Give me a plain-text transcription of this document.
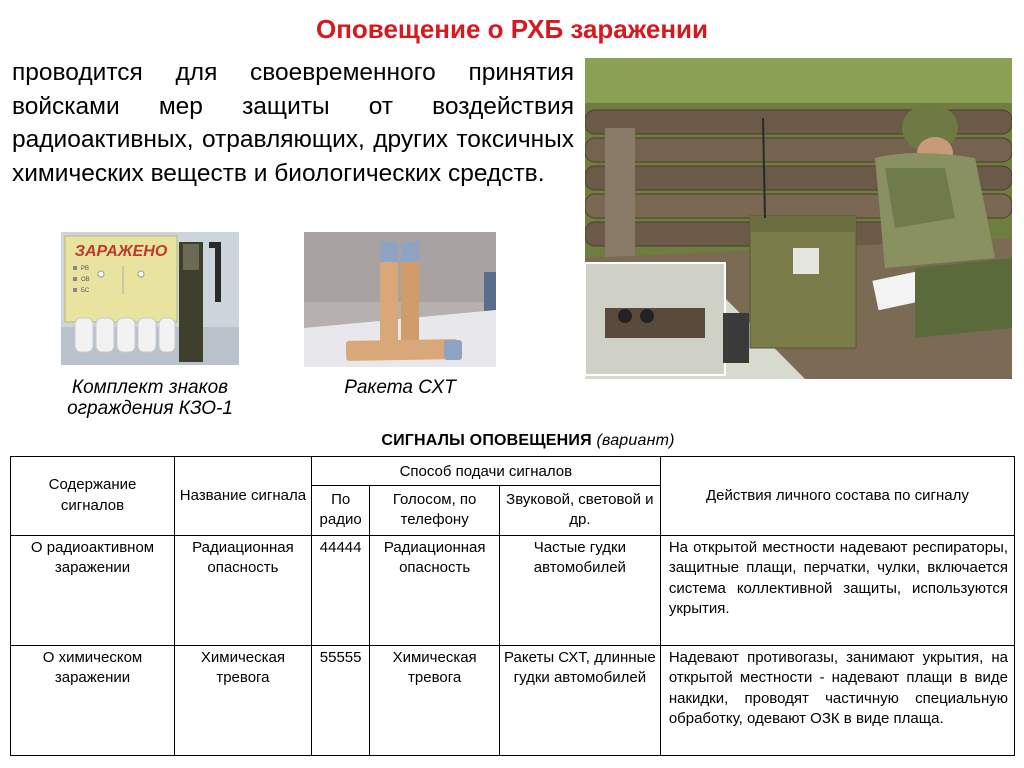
Оповещение о РХБ заражении
проводится для своевременного принятия войсками мер защиты от воздействия радиоактивных, отравляющих, других токсичных химических веществ и биологических средств.
ЗАРАЖЕНО
РВ
ОВ
БС
Комплект знаков
ограждения КЗО-1
Ракета СХТ
СИГНАЛЫ ОПОВЕЩЕНИЯ (вариант)
Содержание сигналов	Название сигнала	Способ подачи сигналов			Действия личного состава по сигналу
		По радио	Голосом, по телефону	Звуковой, световой и др.	
О радиоактивном заражении	Радиационная опасность	44444	Радиационная опасность	Частые гудки автомобилей	На открытой местности надевают респираторы, защитные плащи, перчатки, чулки, включается система коллективной защиты, используются укрытия.
О химическом заражении	Химическая тревога	55555	Химическая тревога	Ракеты СХТ, длинные гудки автомобилей	Надевают противогазы, занимают укрытия, на открытой местности - надевают плащи в виде накидки, проводят частичную специальную обработку, одевают ОЗК в виде плаща.
